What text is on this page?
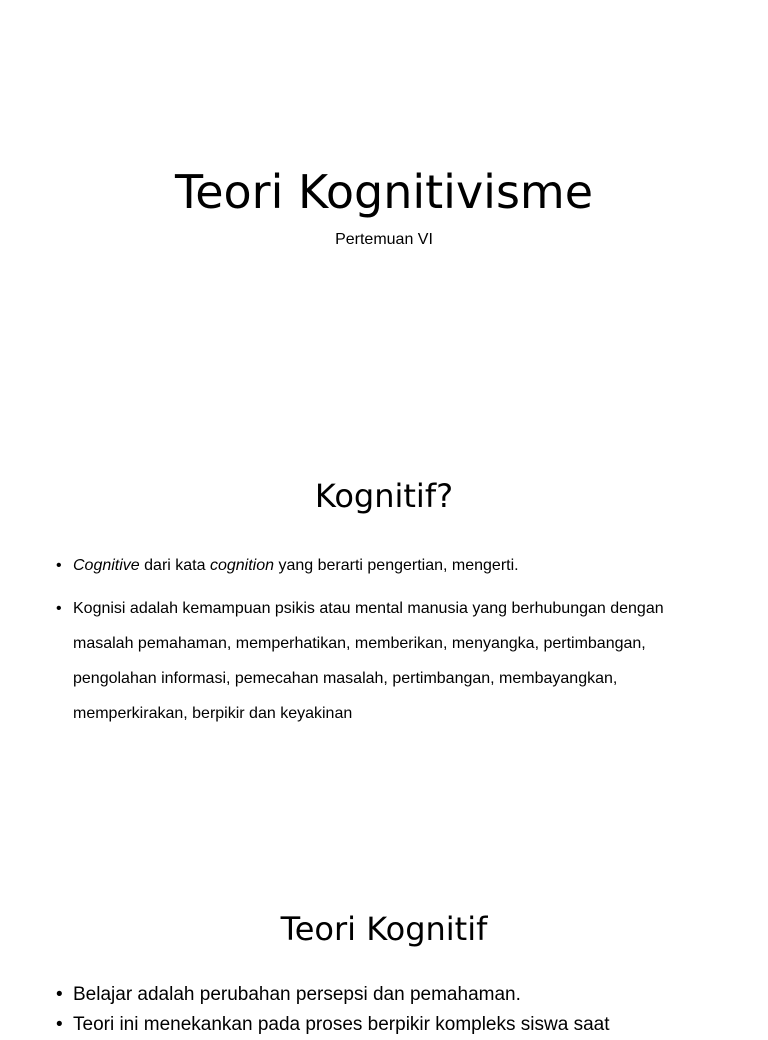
Teori Kognitivisme
Pertemuan VI
Kognitif?
• Cognitive dari kata cognition yang berarti pengertian, mengerti.
• Kognisi adalah kemampuan psikis atau mental manusia yang berhubungan dengan masalah pemahaman, memperhatikan, memberikan, menyangka, pertimbangan, pengolahan informasi, pemecahan masalah, pertimbangan, membayangkan, memperkirakan, berpikir dan keyakinan
Teori Kognitif
• Belajar adalah perubahan persepsi dan pemahaman.
• Teori ini menekankan pada proses berpikir kompleks siswa saat
